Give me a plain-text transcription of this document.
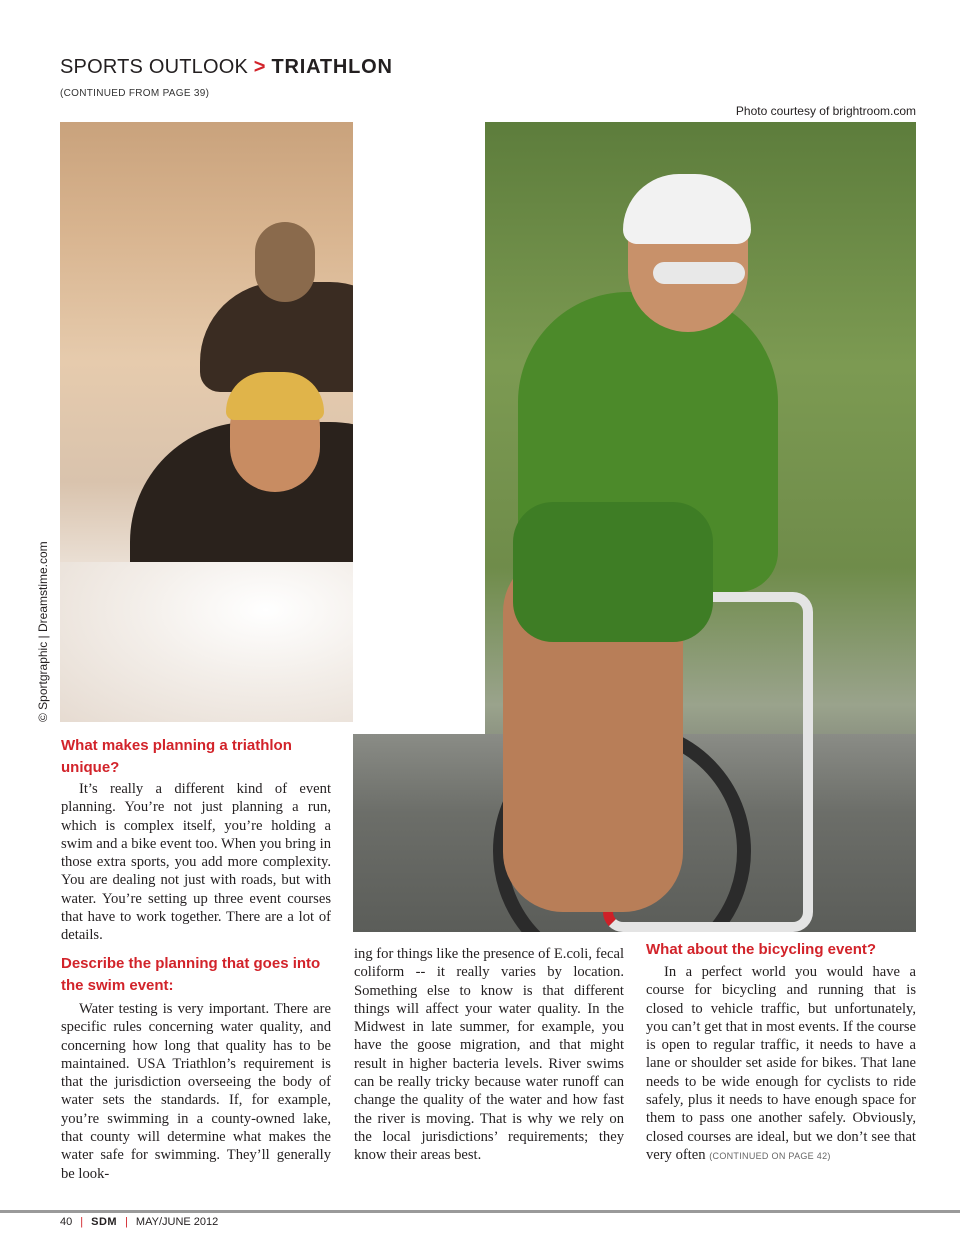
SPORTS OUTLOOK > TRIATHLON
(CONTINUED FROM PAGE 39)
Photo courtesy of brightroom.com
© Sportgraphic | Dreamstime.com
What makes planning a triathlon unique?

It’s really a different kind of event planning. You’re not just planning a run, which is complex itself, you’re holding a swim and a bike event too. When you bring in those extra sports, you add more complexity. You are dealing not just with roads, but with water. You’re setting up three event courses that have to work together. There are a lot of details.

Describe the planning that goes into the swim event:

Water testing is very important. There are specific rules concerning water quality, and concerning how long that quality has to be maintained. USA Triathlon’s requirement is that the jurisdiction overseeing the body of water sets the standards. If, for example, you’re swimming in a county-owned lake, that county will determine what makes the water safe for swimming. They’ll generally be look-

ing for things like the presence of E.coli, fecal coliform -- it really varies by location. Something else to know is that different things will affect your water quality. In the Midwest in late summer, for example, you have the goose migration, and that might result in higher bacteria levels. River swims can be really tricky because water runoff can change the quality of the water and how fast the river is moving. That is why we rely on the local jurisdictions’ requirements; they know their areas best.

What about the bicycling event?

In a perfect world you would have a course for bicycling and running that is closed to vehicle traffic, but unfortunately, you can’t get that in most events. If the course is open to regular traffic, it needs to have a lane or shoulder set aside for bikes. That lane needs to be wide enough for cyclists to ride safely, plus it needs to have enough space for them to pass one another safely. Obviously, closed courses are ideal, but we don’t see that very often (CONTINUED ON PAGE 42)

40 | SDM | MAY/JUNE 2012
